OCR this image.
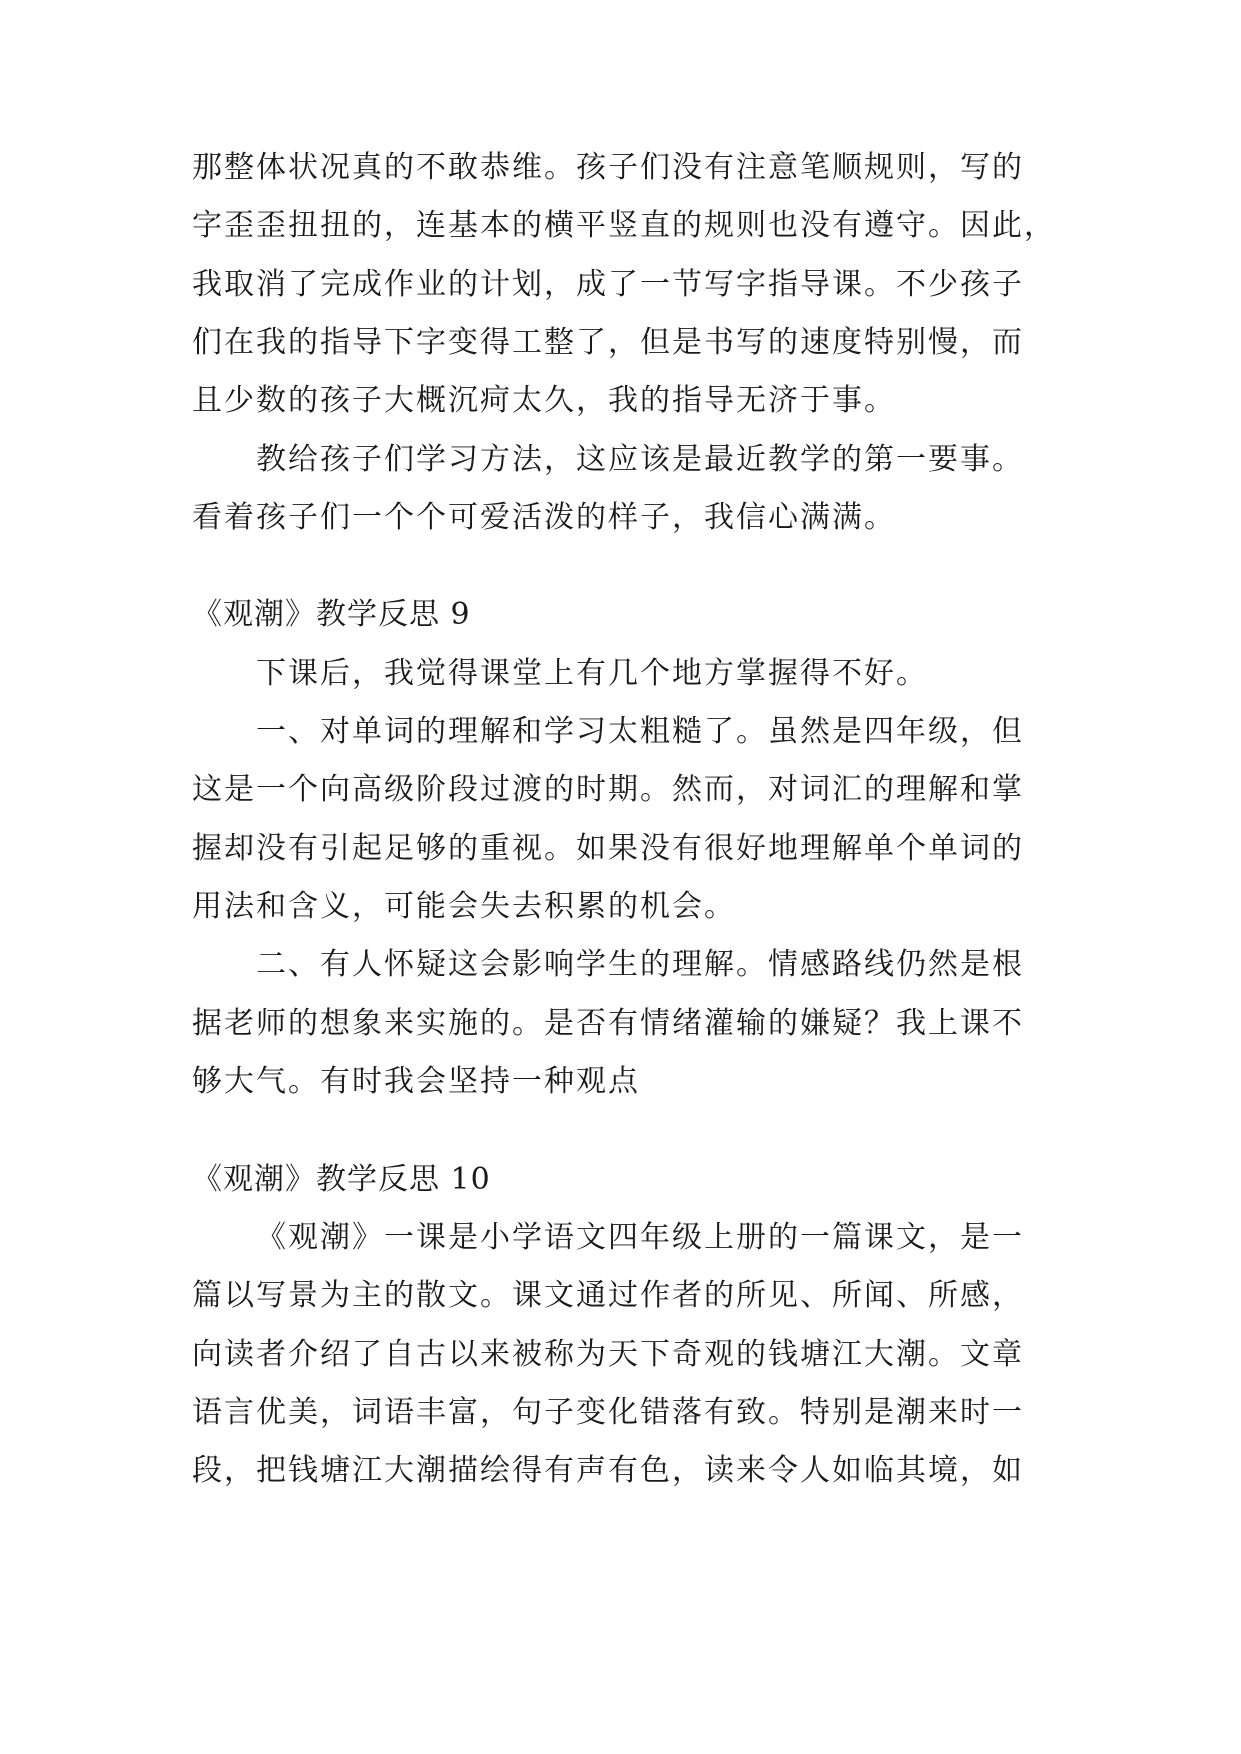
那整体状况真的不敢恭维。孩子们没有注意笔顺规则，写的
字歪歪扭扭的，连基本的横平竖直的规则也没有遵守。因此，
我取消了完成作业的计划，成了一节写字指导课。不少孩子
们在我的指导下字变得工整了，但是书写的速度特别慢，而
且少数的孩子大概沉疴太久，我的指导无济于事。
教给孩子们学习方法，这应该是最近教学的第一要事。
看着孩子们一个个可爱活泼的样子，我信心满满。
《观潮》教学反思 9
下课后，我觉得课堂上有几个地方掌握得不好。
一、对单词的理解和学习太粗糙了。虽然是四年级，但
这是一个向高级阶段过渡的时期。然而，对词汇的理解和掌
握却没有引起足够的重视。如果没有很好地理解单个单词的
用法和含义，可能会失去积累的机会。
二、有人怀疑这会影响学生的理解。情感路线仍然是根
据老师的想象来实施的。是否有情绪灌输的嫌疑？我上课不
够大气。有时我会坚持一种观点
《观潮》教学反思 10
《观潮》一课是小学语文四年级上册的一篇课文，是一
篇以写景为主的散文。课文通过作者的所见、所闻、所感，
向读者介绍了自古以来被称为天下奇观的钱塘江大潮。文章
语言优美，词语丰富，句子变化错落有致。特别是潮来时一
段，把钱塘江大潮描绘得有声有色，读来令人如临其境，如
